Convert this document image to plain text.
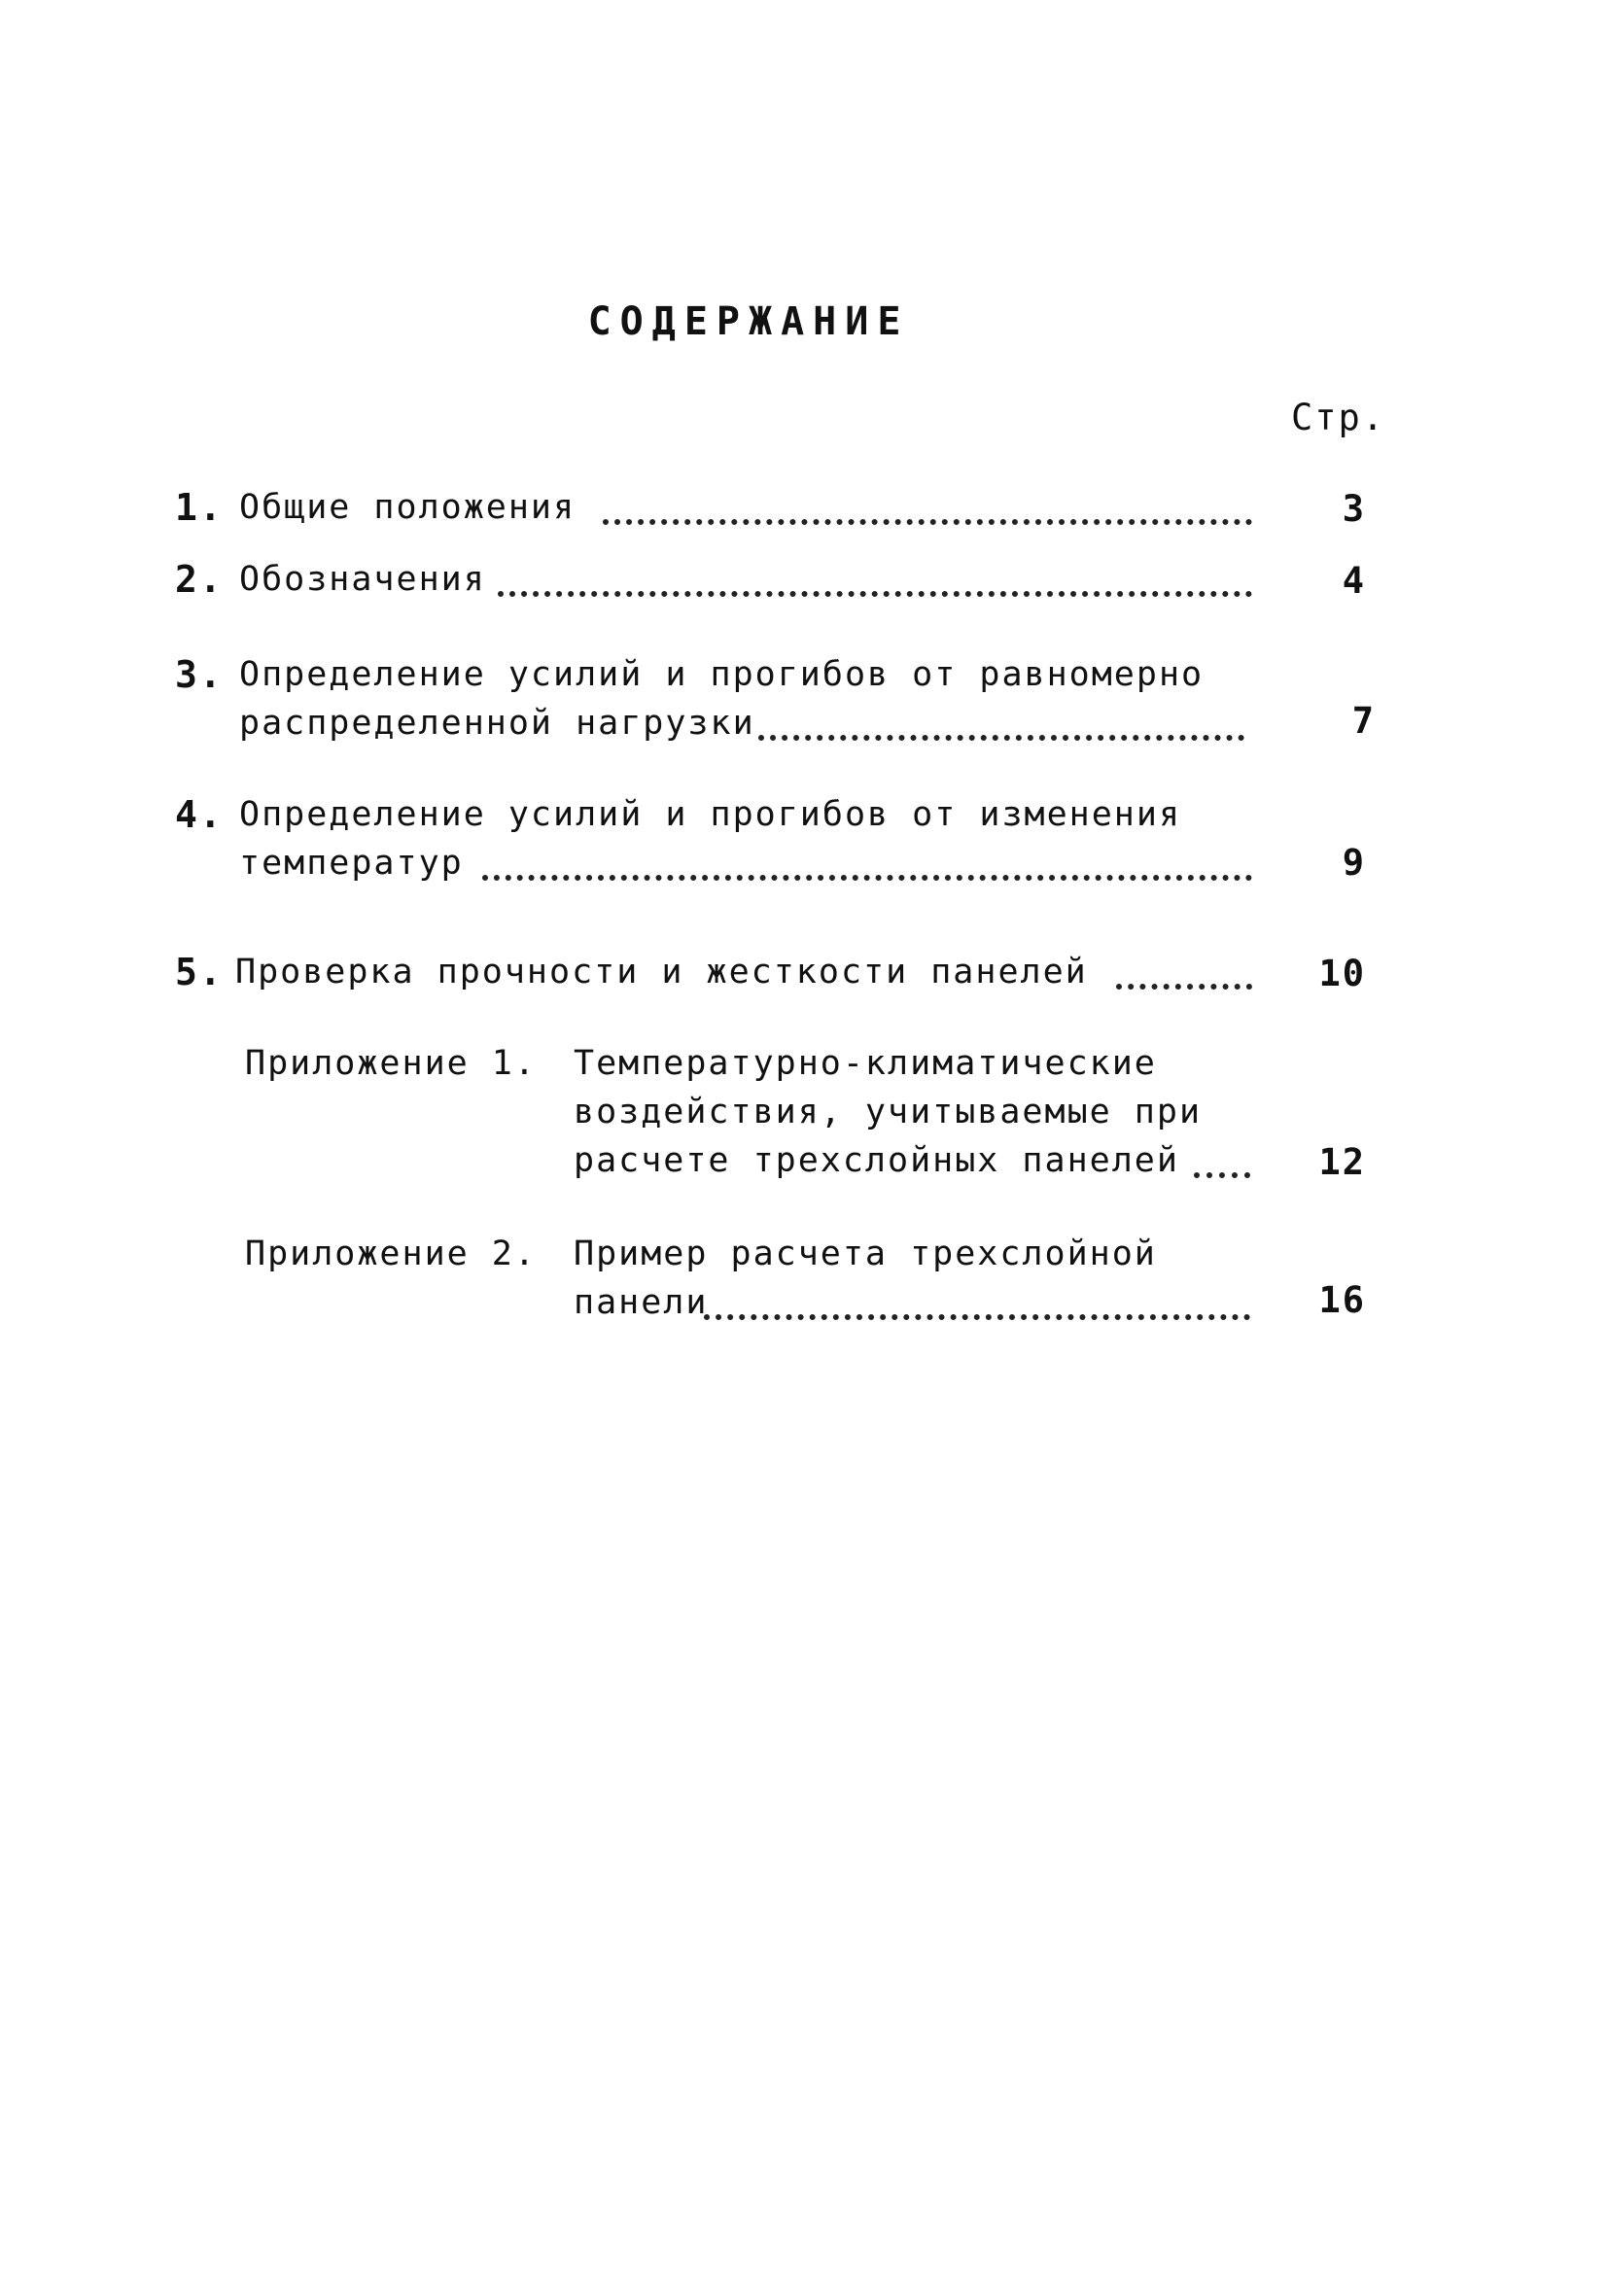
СОДЕРЖАНИЕ
Стр.
1. Общие положения	3
2. Обозначения	4
3. Определение усилий и прогибов от равномерно
распределенной нагрузки	7
4. Определение усилий и прогибов от изменения
температур	9
5. Проверка прочности и жесткости панелей	10
Приложение 1. Температурно-климатические
воздействия, учитываемые при
расчете трехслойных панелей	12
Приложение 2. Пример расчета трехслойной
панели	16
